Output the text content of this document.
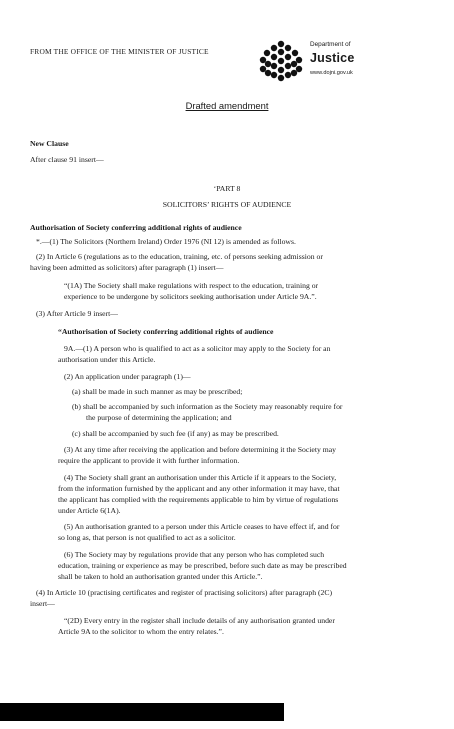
FROM THE OFFICE OF THE MINISTER OF JUSTICE
Department of
Justice
www.dojni.gov.uk
Drafted amendment
New Clause
After clause 91 insert—
‘PART 8
SOLICITORS’ RIGHTS OF AUDIENCE
Authorisation of Society conferring additional rights of audience
*.—(1) The Solicitors (Northern Ireland) Order 1976 (NI 12) is amended as follows.
(2) In Article 6 (regulations as to the education, training, etc. of persons seeking admission or
having been admitted as solicitors) after paragraph (1) insert—
“(1A) The Society shall make regulations with respect to the education, training or
experience to be undergone by solicitors seeking authorisation under Article 9A.”.
(3) After Article 9 insert—
“Authorisation of Society conferring additional rights of audience
9A.—(1) A person who is qualified to act as a solicitor may apply to the Society for an
authorisation under this Article.
(2) An application under paragraph (1)—
(a) shall be made in such manner as may be prescribed;
(b) shall be accompanied by such information as the Society may reasonably require for
the purpose of determining the application; and
(c) shall be accompanied by such fee (if any) as may be prescribed.
(3) At any time after receiving the application and before determining it the Society may
require the applicant to provide it with further information.
(4) The Society shall grant an authorisation under this Article if it appears to the Society,
from the information furnished by the applicant and any other information it may have, that
the applicant has complied with the requirements applicable to him by virtue of regulations
under Article 6(1A).
(5) An authorisation granted to a person under this Article ceases to have effect if, and for
so long as, that person is not qualified to act as a solicitor.
(6) The Society may by regulations provide that any person who has completed such
education, training or experience as may be prescribed, before such date as may be prescribed
shall be taken to hold an authorisation granted under this Article.”.
(4) In Article 10 (practising certificates and register of practising solicitors) after paragraph (2C)
insert—
“(2D) Every entry in the register shall include details of any authorisation granted under
Article 9A to the solicitor to whom the entry relates.”.
